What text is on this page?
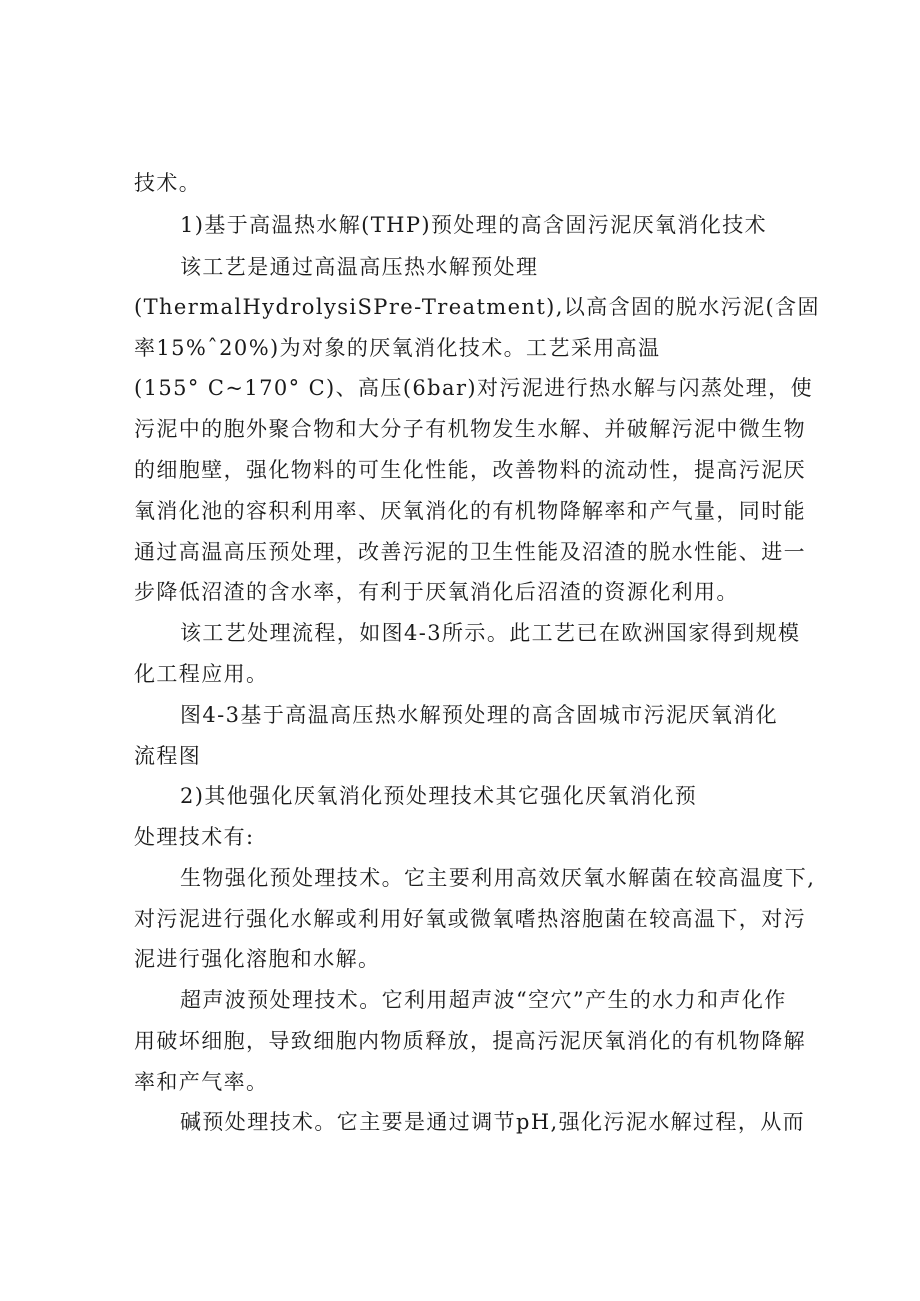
技术。
1)基于高温热水解(THP)预处理的高含固污泥厌氧消化技术
该工艺是通过高温高压热水解预处理
(ThermalHydrolysiSPre-Treatment),以高含固的脱水污泥(含固
率15%ˆ20%)为对象的厌氧消化技术。工艺采用高温
(155° C~170° C)、高压(6bar)对污泥进行热水解与闪蒸处理，使
污泥中的胞外聚合物和大分子有机物发生水解、并破解污泥中微生物
的细胞壁，强化物料的可生化性能，改善物料的流动性，提高污泥厌
氧消化池的容积利用率、厌氧消化的有机物降解率和产气量，同时能
通过高温高压预处理，改善污泥的卫生性能及沼渣的脱水性能、进一
步降低沼渣的含水率，有利于厌氧消化后沼渣的资源化利用。
该工艺处理流程，如图4-3所示。此工艺已在欧洲国家得到规模
化工程应用。
图4-3基于高温高压热水解预处理的高含固城市污泥厌氧消化
流程图
2)其他强化厌氧消化预处理技术其它强化厌氧消化预
处理技术有:
生物强化预处理技术。它主要利用高效厌氧水解菌在较高温度下,
对污泥进行强化水解或利用好氧或微氧嗜热溶胞菌在较高温下，对污
泥进行强化溶胞和水解。
超声波预处理技术。它利用超声波“空穴”产生的水力和声化作
用破坏细胞，导致细胞内物质释放，提高污泥厌氧消化的有机物降解
率和产气率。
碱预处理技术。它主要是通过调节pH,强化污泥水解过程，从而
